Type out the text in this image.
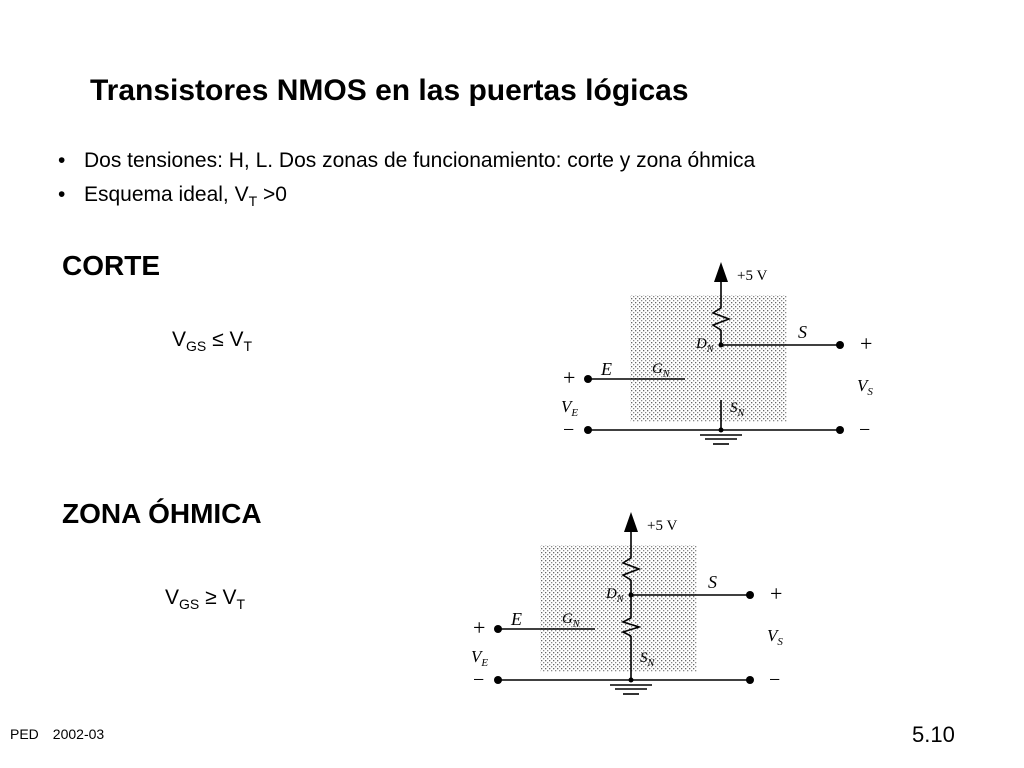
Transistores NMOS en las puertas lógicas
• Dos tensiones: H, L. Dos zonas de funcionamiento: corte y zona óhmica
• Esquema ideal, $V_T >0$
CORTE
$V_{GS} \le V_T$
ZONA ÓHMICA
$V_{GS} \ge V_T$
+5 V
$D_N$
$G_N$
$S_N$
S
E
+
$V_E$
−
+
$V_S$
−
+5 V
$D_N$
$G_N$
$S_N$
S
E
+
$V_E$
−
+
$V_S$
−
PED 2002-03	5.10
